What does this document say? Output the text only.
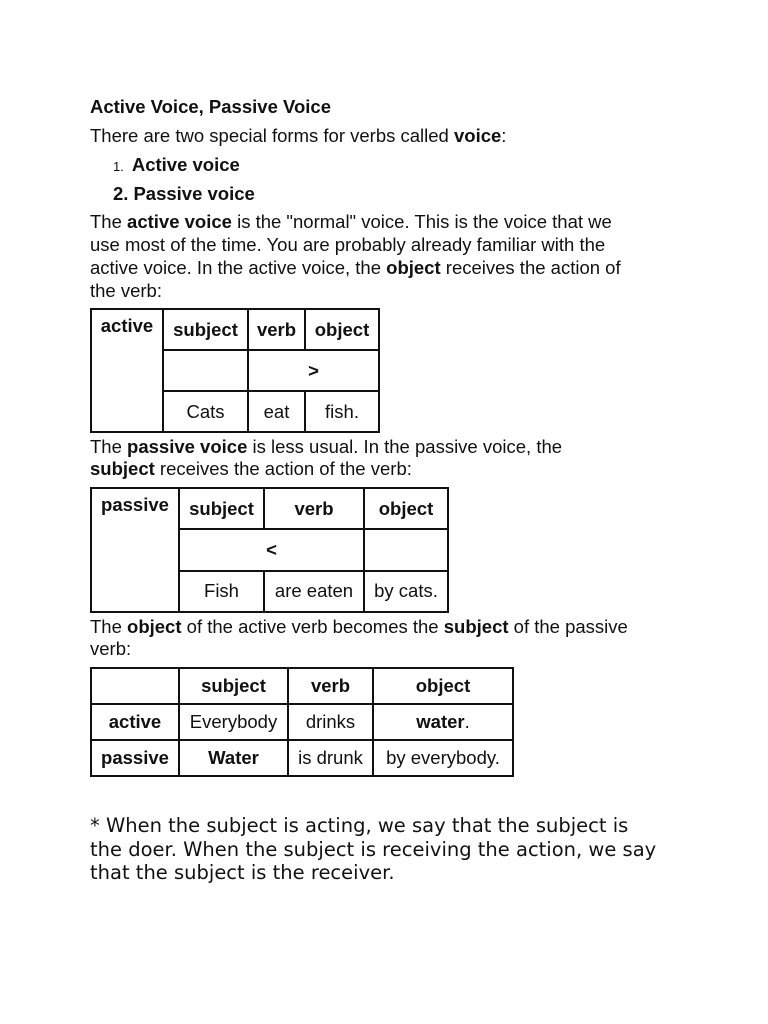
Active Voice, Passive Voice
There are two special forms for verbs called voice:
1. Active voice
2. Passive voice
The active voice is the "normal" voice. This is the voice that we
use most of the time. You are probably already familiar with the
active voice. In the active voice, the object receives the action of
the verb:
active	subject	verb	object
		>	
	Cats	eat	fish.
The passive voice is less usual. In the passive voice, the
subject receives the action of the verb:
passive	subject	verb	object
	<		
	Fish	are eaten	by cats.
The object of the active verb becomes the subject of the passive
verb:
	subject	verb	object
active	Everybody	drinks	water.
passive	Water	is drunk	by everybody.
* When the subject is acting, we say that the subject is
the doer. When the subject is receiving the action, we say
that the subject is the receiver.
